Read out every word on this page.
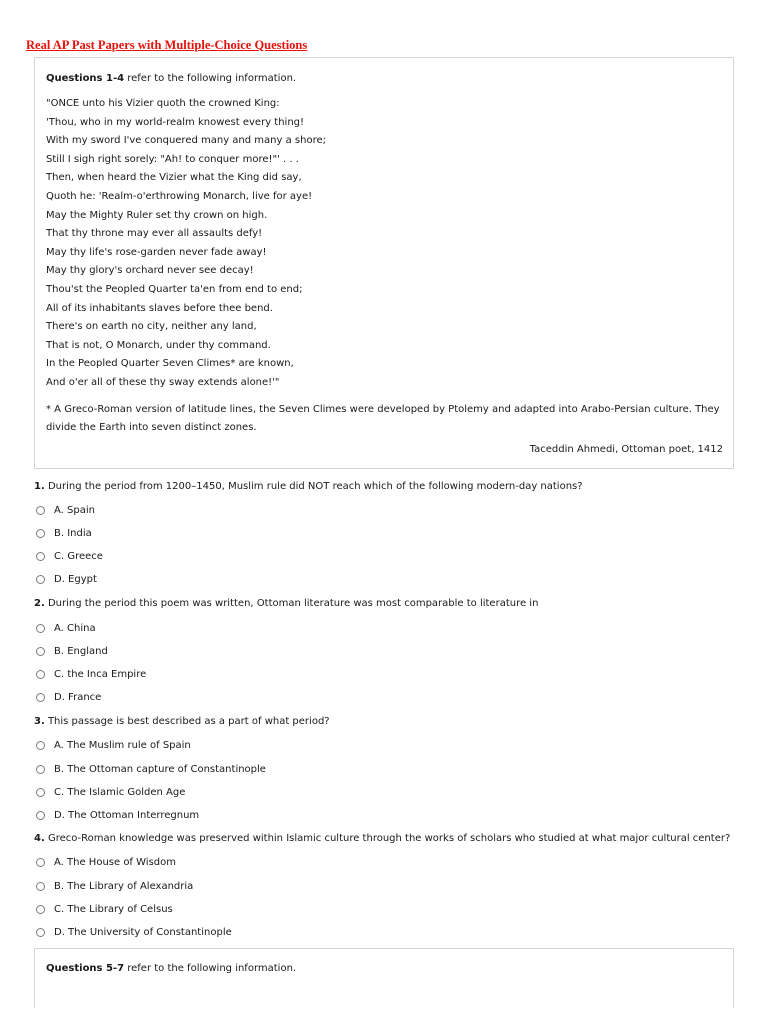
Real AP Past Papers with Multiple-Choice Questions
Questions 1-4 refer to the following information.
"ONCE unto his Vizier quoth the crowned King:
'Thou, who in my world-realm knowest every thing!
With my sword I've conquered many and many a shore;
Still I sigh right sorely: "Ah! to conquer more!"' . . .
Then, when heard the Vizier what the King did say,
Quoth he: 'Realm-o'erthrowing Monarch, live for aye!
May the Mighty Ruler set thy crown on high.
That thy throne may ever all assaults defy!
May thy life's rose-garden never fade away!
May thy glory's orchard never see decay!
Thou'st the Peopled Quarter ta'en from end to end;
All of its inhabitants slaves before thee bend.
There's on earth no city, neither any land,
That is not, O Monarch, under thy command.
In the Peopled Quarter Seven Climes* are known,
And o'er all of these thy sway extends alone!'"
* A Greco-Roman version of latitude lines, the Seven Climes were developed by Ptolemy and adapted into Arabo-Persian culture. They divide the Earth into seven distinct zones.
Taceddin Ahmedi, Ottoman poet, 1412
1. During the period from 1200–1450, Muslim rule did NOT reach which of the following modern-day nations?
A. Spain
B. India
C. Greece
D. Egypt
2. During the period this poem was written, Ottoman literature was most comparable to literature in
A. China
B. England
C. the Inca Empire
D. France
3. This passage is best described as a part of what period?
A. The Muslim rule of Spain
B. The Ottoman capture of Constantinople
C. The Islamic Golden Age
D. The Ottoman Interregnum
4. Greco-Roman knowledge was preserved within Islamic culture through the works of scholars who studied at what major cultural center?
A. The House of Wisdom
B. The Library of Alexandria
C. The Library of Celsus
D. The University of Constantinople
Questions 5-7 refer to the following information.
